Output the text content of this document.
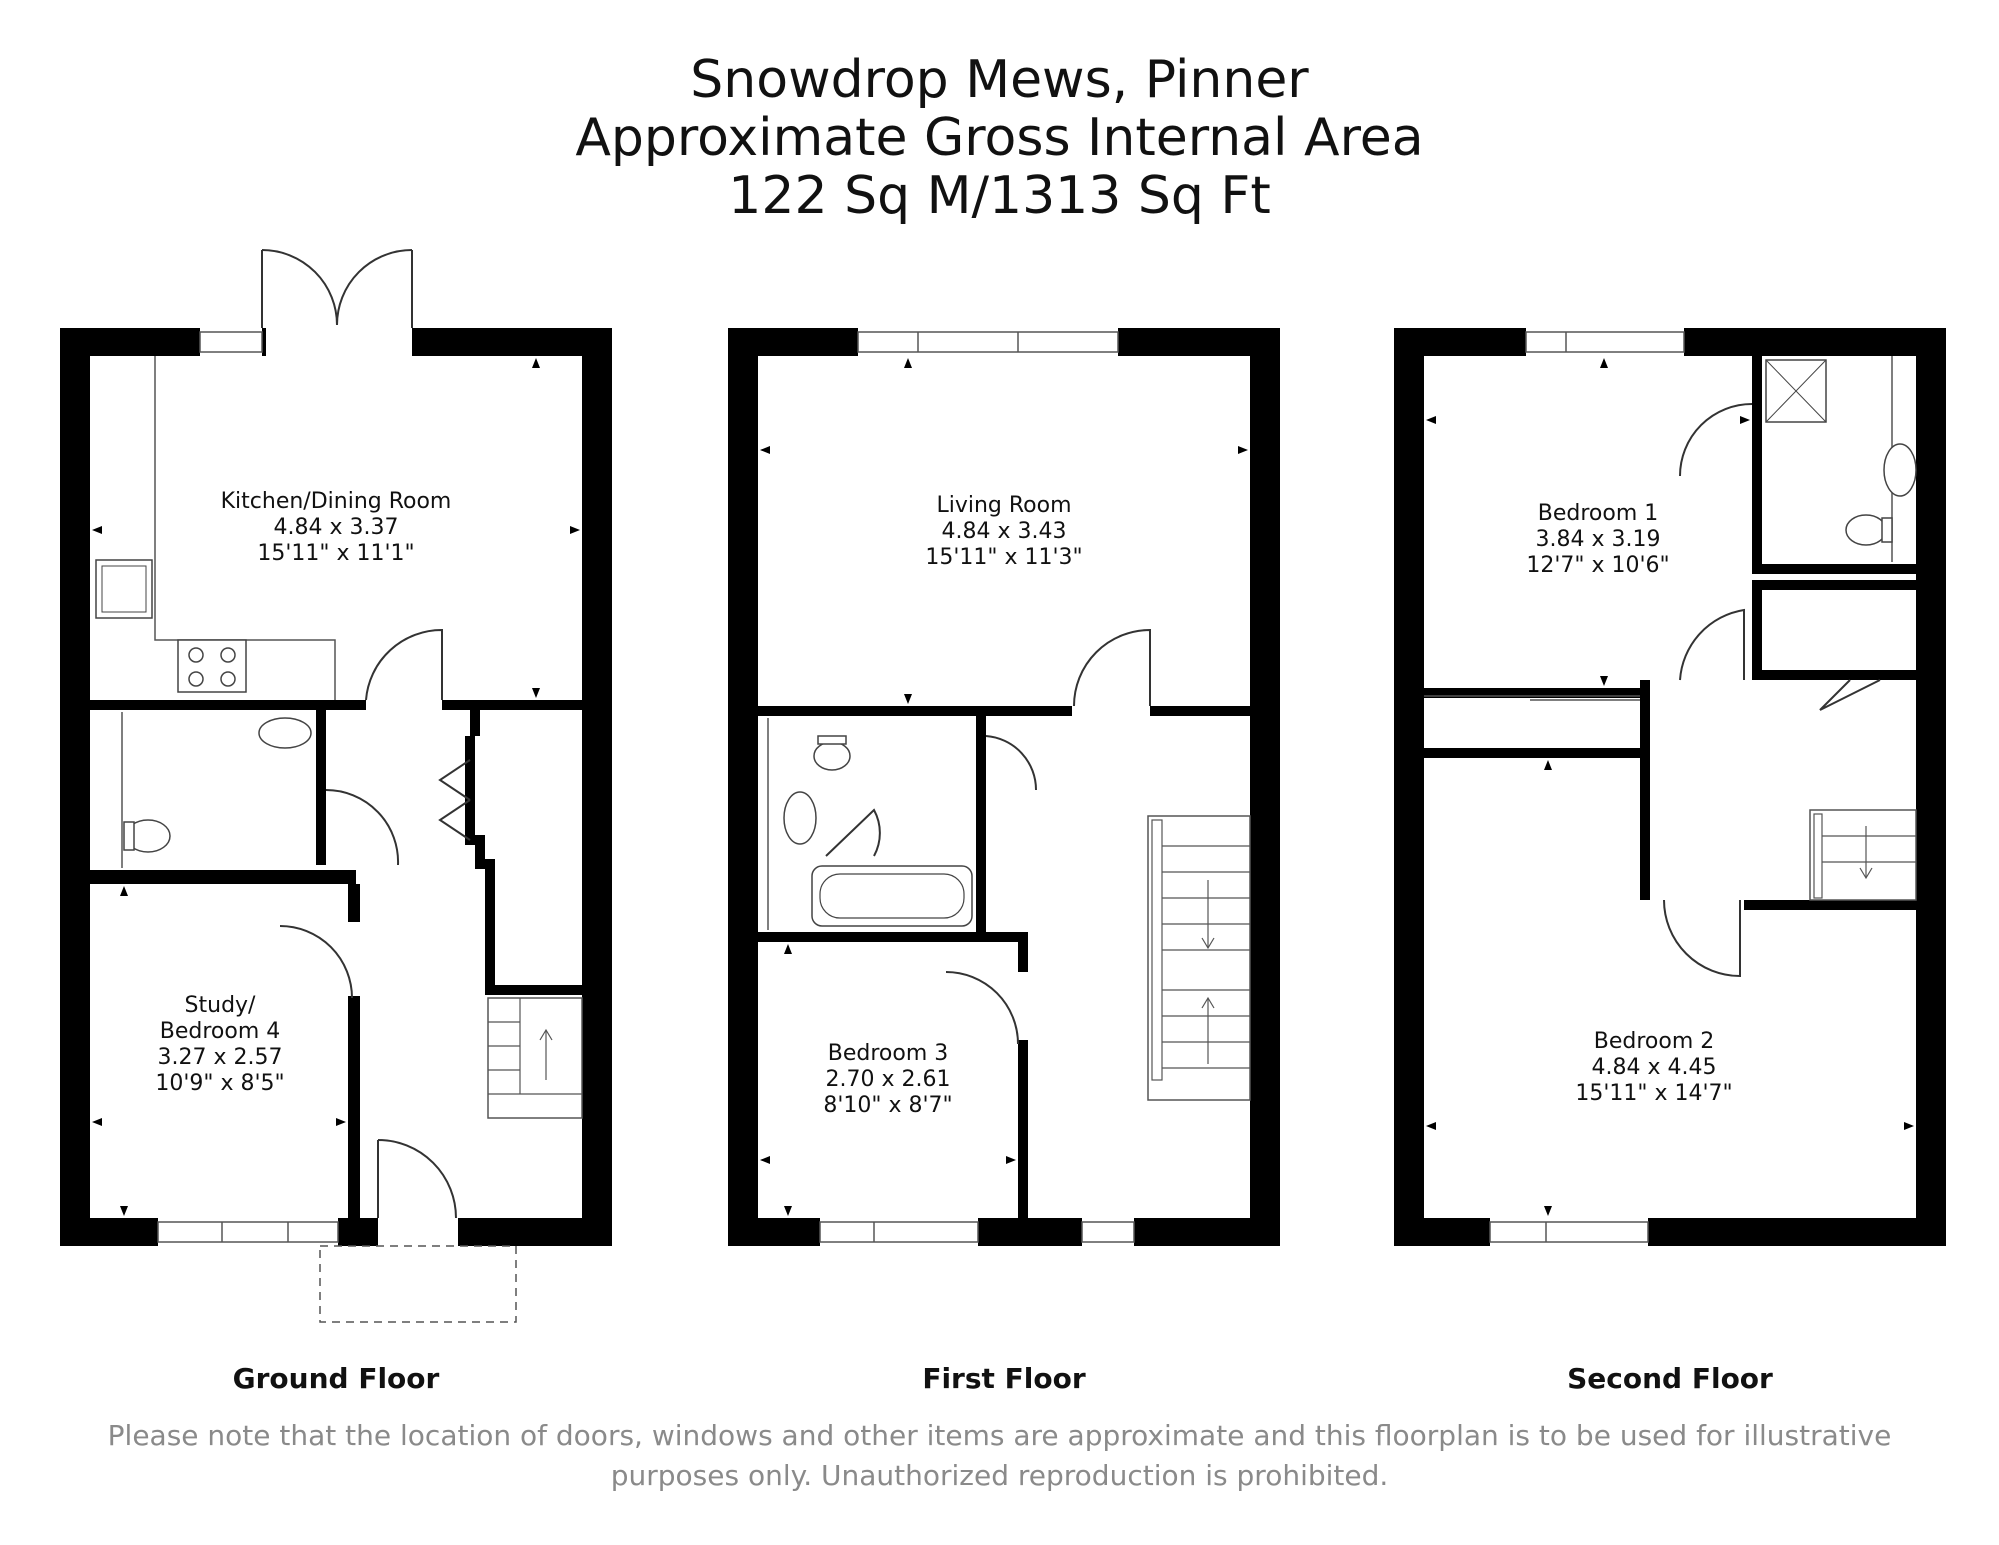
Snowdrop Mews, Pinner
Approximate Gross Internal Area
122 Sq M/1313 Sq Ft
Kitchen/Dining Room
4.84 x 3.37
15'11" x 11'1"
Study/
Bedroom 4
3.27 x 2.57
10'9" x 8'5"
Living Room
4.84 x 3.43
15'11" x 11'3"
Bedroom 3
2.70 x 2.61
8'10" x 8'7"
Bedroom 1
3.84 x 3.19
12'7" x 10'6"
Bedroom 2
4.84 x 4.45
15'11" x 14'7"
Ground Floor	First Floor	Second Floor
Please note that the location of doors, windows and other items are approximate and this floorplan is to be used for illustrative
purposes only. Unauthorized reproduction is prohibited.
